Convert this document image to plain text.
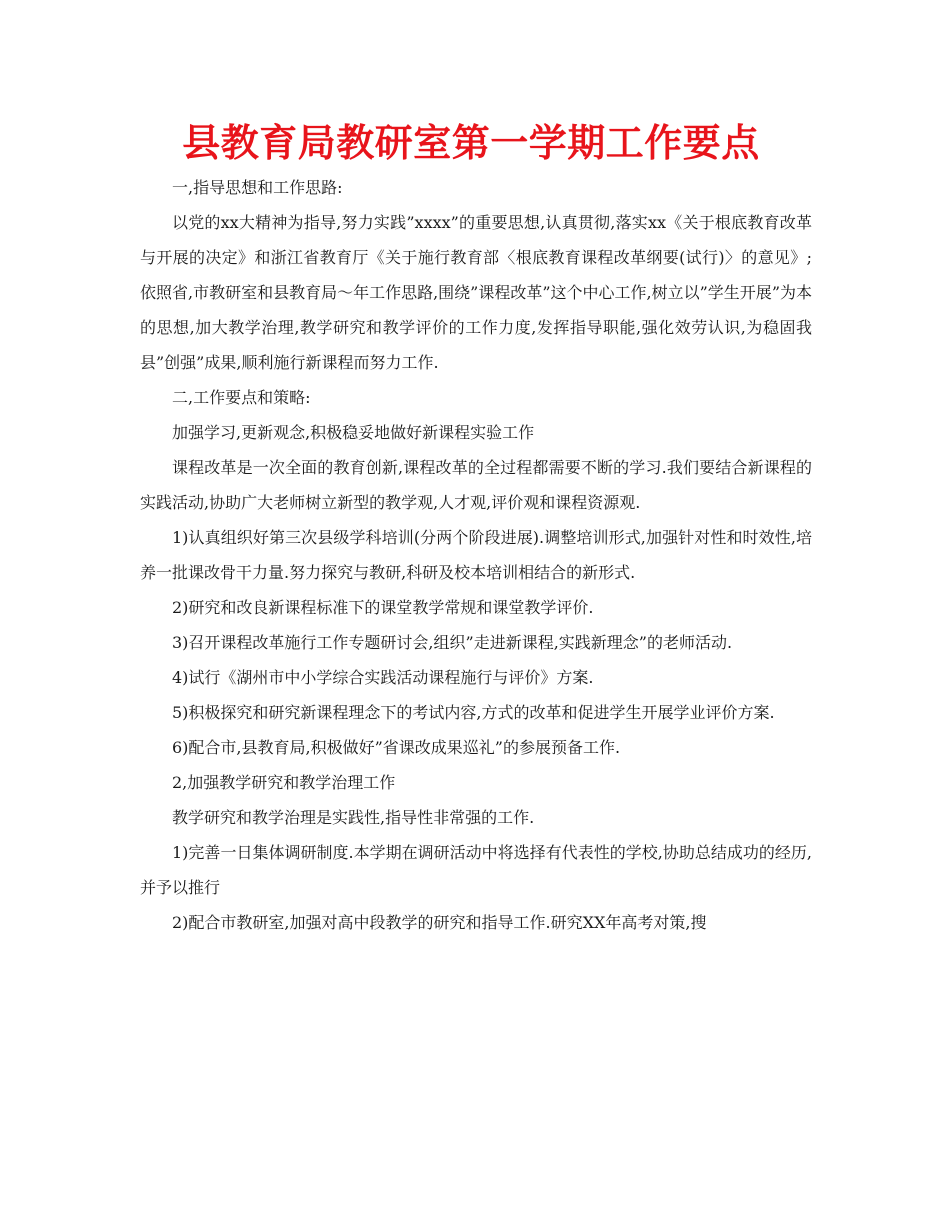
县教育局教研室第一学期工作要点

一,指导思想和工作思路:

以党的xx大精神为指导,努力实践”xxxx”的重要思想,认真贯彻,落实xx《关于根底教育改革与开展的决定》和浙江省教育厅《关于施行教育部〈根底教育课程改革纲要(试行)〉的意见》;依照省,市教研室和县教育局～年工作思路,围绕”课程改革”这个中心工作,树立以”学生开展”为本的思想,加大教学治理,教学研究和教学评价的工作力度,发挥指导职能,强化效劳认识,为稳固我县”创强”成果,顺利施行新课程而努力工作.

二,工作要点和策略:

加强学习,更新观念,积极稳妥地做好新课程实验工作

课程改革是一次全面的教育创新,课程改革的全过程都需要不断的学习.我们要结合新课程的实践活动,协助广大老师树立新型的教学观,人才观,评价观和课程资源观.

1)认真组织好第三次县级学科培训(分两个阶段进展).调整培训形式,加强针对性和时效性,培养一批课改骨干力量.努力探究与教研,科研及校本培训相结合的新形式.

2)研究和改良新课程标准下的课堂教学常规和课堂教学评价.

3)召开课程改革施行工作专题研讨会,组织”走进新课程,实践新理念”的老师活动.

4)试行《湖州市中小学综合实践活动课程施行与评价》方案.

5)积极探究和研究新课程理念下的考试内容,方式的改革和促进学生开展学业评价方案.

6)配合市,县教育局,积极做好”省课改成果巡礼”的参展预备工作.

2,加强教学研究和教学治理工作

教学研究和教学治理是实践性,指导性非常强的工作.

1)完善一日集体调研制度.本学期在调研活动中将选择有代表性的学校,协助总结成功的经历,并予以推行

2)配合市教研室,加强对高中段教学的研究和指导工作.研究XX年高考对策,搜
